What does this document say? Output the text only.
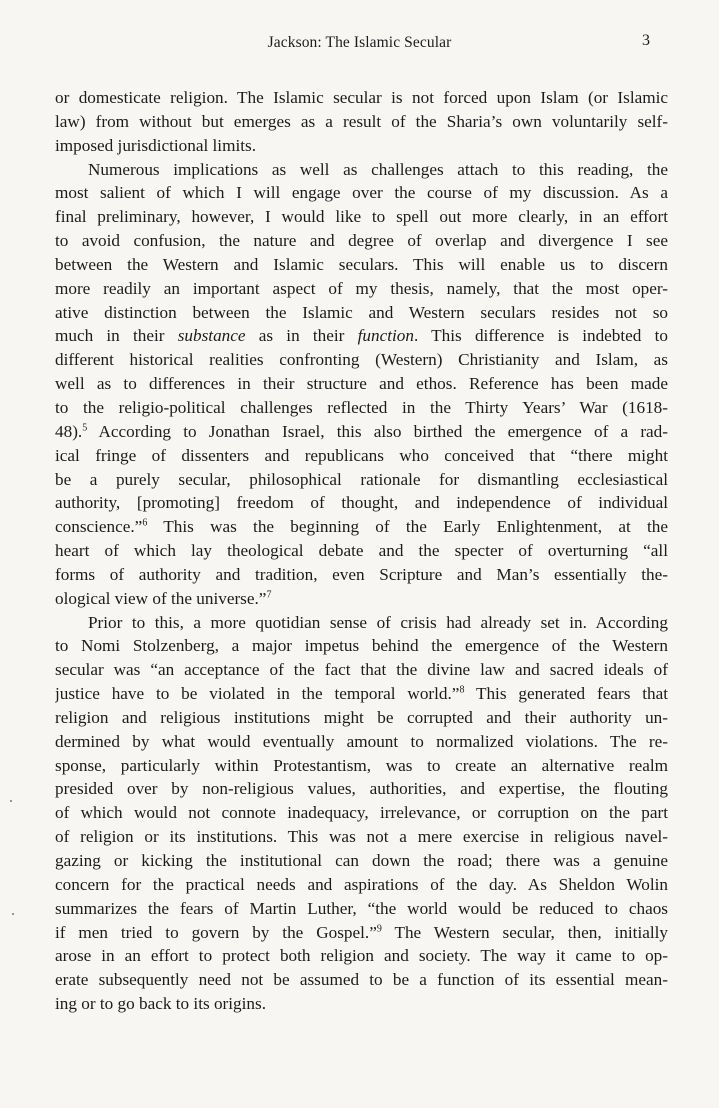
Jackson: The Islamic Secular	3
or domesticate religion. The Islamic secular is not forced upon Islam (or Islamic
law) from without but emerges as a result of the Sharia’s own voluntarily self-
imposed jurisdictional limits.
Numerous implications as well as challenges attach to this reading, the
most salient of which I will engage over the course of my discussion. As a
final preliminary, however, I would like to spell out more clearly, in an effort
to avoid confusion, the nature and degree of overlap and divergence I see
between the Western and Islamic seculars. This will enable us to discern
more readily an important aspect of my thesis, namely, that the most oper-
ative distinction between the Islamic and Western seculars resides not so
much in their substance as in their function. This difference is indebted to
different historical realities confronting (Western) Christianity and Islam, as
well as to differences in their structure and ethos. Reference has been made
to the religio-political challenges reflected in the Thirty Years’ War (1618-
48).$^5$ According to Jonathan Israel, this also birthed the emergence of a rad-
ical fringe of dissenters and republicans who conceived that “there might
be a purely secular, philosophical rationale for dismantling ecclesiastical
authority, [promoting] freedom of thought, and independence of individual
conscience.”$^6$ This was the beginning of the Early Enlightenment, at the
heart of which lay theological debate and the specter of overturning “all
forms of authority and tradition, even Scripture and Man’s essentially the-
ological view of the universe.”$^7$
Prior to this, a more quotidian sense of crisis had already set in. According
to Nomi Stolzenberg, a major impetus behind the emergence of the Western
secular was “an acceptance of the fact that the divine law and sacred ideals of
justice have to be violated in the temporal world.”$^8$ This generated fears that
religion and religious institutions might be corrupted and their authority un-
dermined by what would eventually amount to normalized violations. The re-
sponse, particularly within Protestantism, was to create an alternative realm
presided over by non-religious values, authorities, and expertise, the flouting
of which would not connote inadequacy, irrelevance, or corruption on the part
of religion or its institutions. This was not a mere exercise in religious navel-
gazing or kicking the institutional can down the road; there was a genuine
concern for the practical needs and aspirations of the day. As Sheldon Wolin
summarizes the fears of Martin Luther, “the world would be reduced to chaos
if men tried to govern by the Gospel.”$^9$ The Western secular, then, initially
arose in an effort to protect both religion and society. The way it came to op-
erate subsequently need not be assumed to be a function of its essential mean-
ing or to go back to its origins.
